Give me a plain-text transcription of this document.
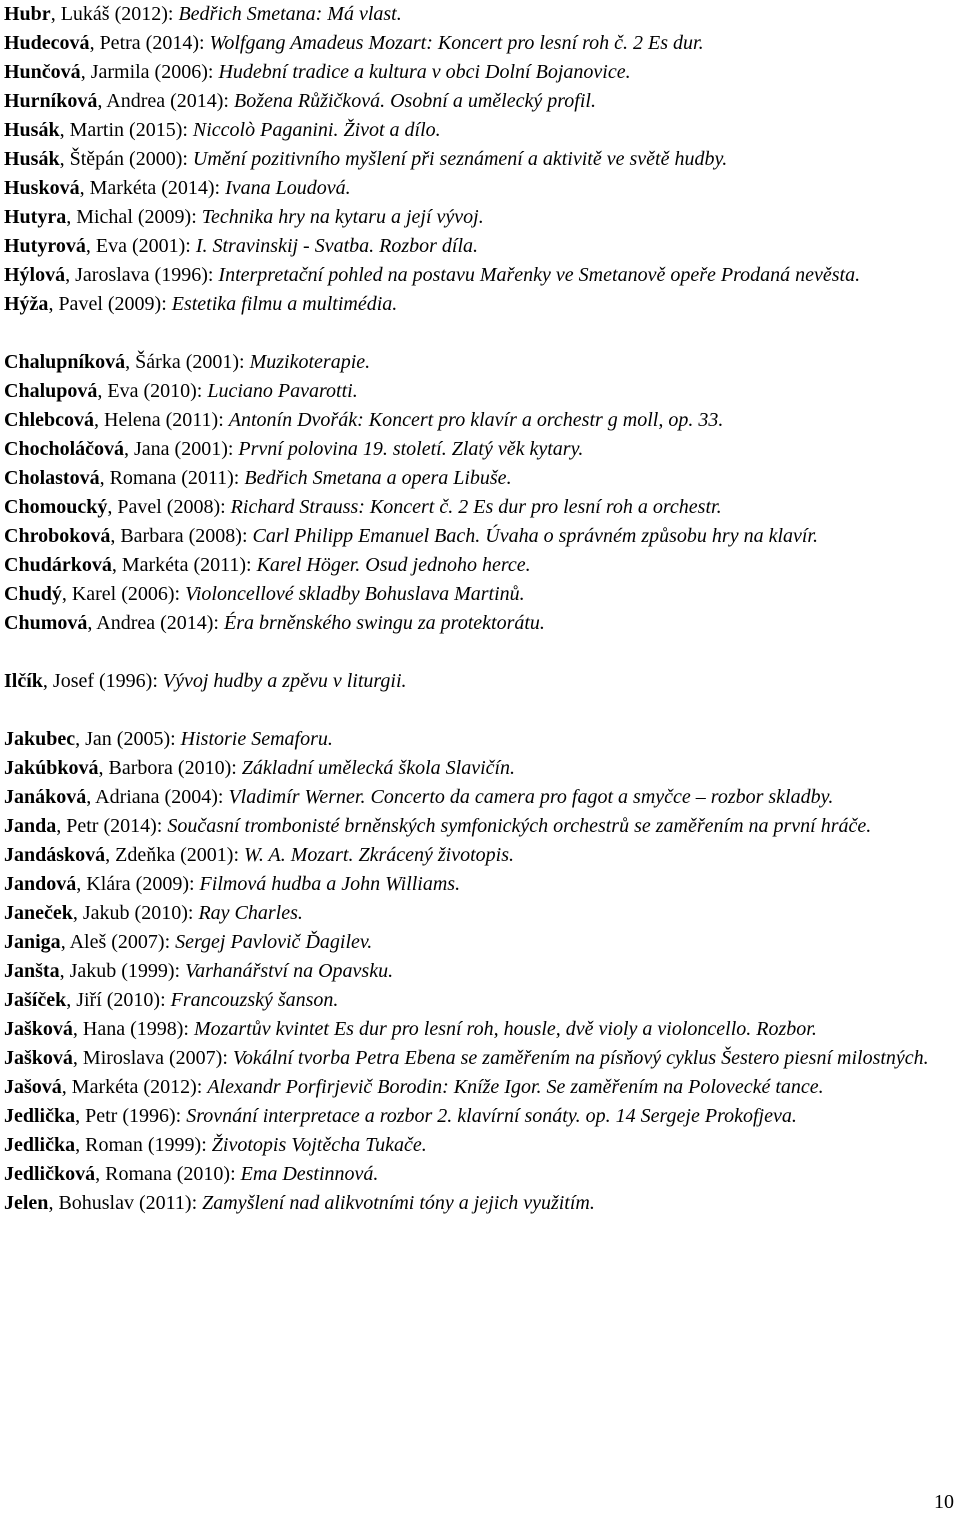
Hubr, Lukáš (2012): Bedřich Smetana: Má vlast.

Hudecová, Petra (2014): Wolfgang Amadeus Mozart: Koncert pro lesní roh č. 2 Es dur.

Hunčová, Jarmila (2006): Hudební tradice a kultura v obci Dolní Bojanovice.

Hurníková, Andrea (2014): Božena Růžičková. Osobní a umělecký profil.

Husák, Martin (2015): Niccolò Paganini. Život a dílo.

Husák, Štěpán (2000): Umění pozitivního myšlení při seznámení a aktivitě ve světě hudby.

Husková, Markéta (2014): Ivana Loudová.

Hutyra, Michal (2009): Technika hry na kytaru a její vývoj.

Hutyrová, Eva (2001): I. Stravinskij - Svatba. Rozbor díla.

Hýlová, Jaroslava (1996): Interpretační pohled na postavu Mařenky ve Smetanově opeře Prodaná nevěsta.

Hýža, Pavel (2009): Estetika filmu a multimédia.

Chalupníková, Šárka (2001): Muzikoterapie.

Chalupová, Eva (2010): Luciano Pavarotti.

Chlebcová, Helena (2011): Antonín Dvořák: Koncert pro klavír a orchestr g moll, op. 33.

Chocholáčová, Jana (2001): První polovina 19. století. Zlatý věk kytary.

Cholastová, Romana (2011): Bedřich Smetana a opera Libuše.

Chomoucký, Pavel (2008): Richard Strauss: Koncert č. 2 Es dur pro lesní roh a orchestr.

Chroboková, Barbara (2008): Carl Philipp Emanuel Bach. Úvaha o správném způsobu hry na klavír.

Chudárková, Markéta (2011): Karel Höger. Osud jednoho herce.

Chudý, Karel (2006): Violoncellové skladby Bohuslava Martinů.

Chumová, Andrea (2014): Éra brněnského swingu za protektorátu.

Ilčík, Josef (1996): Vývoj hudby a zpěvu v liturgii.

Jakubec, Jan (2005): Historie Semaforu.

Jakúbková, Barbora (2010): Základní umělecká škola Slavičín.

Janáková, Adriana (2004): Vladimír Werner. Concerto da camera pro fagot a smyčce – rozbor skladby.

Janda, Petr (2014): Současní trombonisté brněnských symfonických orchestrů se zaměřením na první hráče.

Jandásková, Zdeňka (2001): W. A. Mozart. Zkrácený životopis.

Jandová, Klára (2009): Filmová hudba a John Williams.

Janeček, Jakub (2010): Ray Charles.

Janiga, Aleš (2007): Sergej Pavlovič Ďagilev.

Janšta, Jakub (1999): Varhanářství na Opavsku.

Jašíček, Jiří (2010): Francouzský šanson.

Jašková, Hana (1998): Mozartův kvintet Es dur pro lesní roh, housle, dvě violy a violoncello. Rozbor.

Jašková, Miroslava (2007): Vokální tvorba Petra Ebena se zaměřením na písňový cyklus Šestero piesní milostných.

Jašová, Markéta (2012): Alexandr Porfirjevič Borodin: Kníže Igor. Se zaměřením na Polovecké tance.

Jedlička, Petr (1996): Srovnání interpretace a rozbor 2. klavírní sonáty. op. 14 Sergeje Prokofjeva.

Jedlička, Roman (1999): Životopis Vojtěcha Tukače.

Jedličková, Romana (2010): Ema Destinnová.

Jelen, Bohuslav (2011): Zamyšlení nad alikvotními tóny a jejich využitím.

10
